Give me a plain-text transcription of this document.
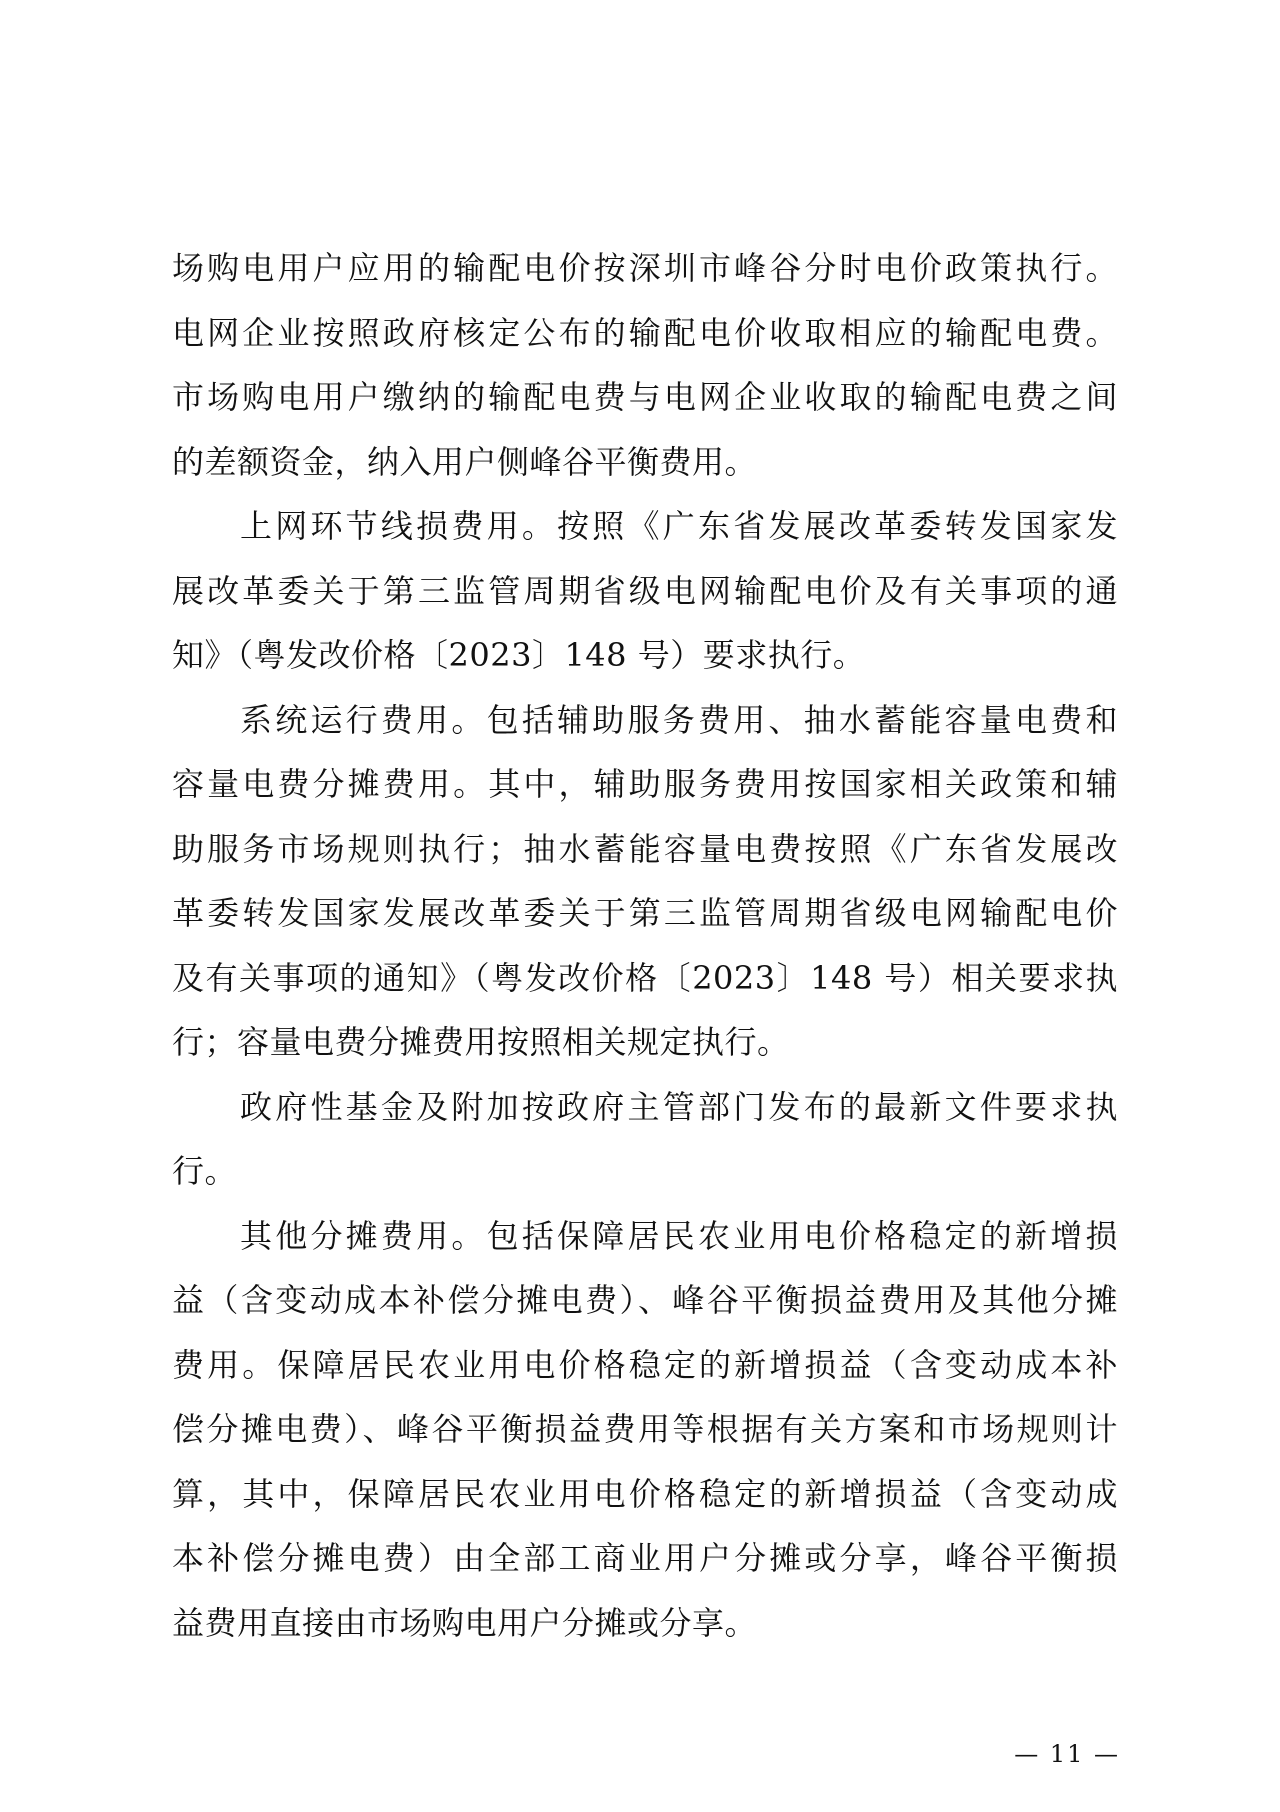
场购电用户应用的输配电价按深圳市峰谷分时电价政策执行。
电网企业按照政府核定公布的输配电价收取相应的输配电费。
市场购电用户缴纳的输配电费与电网企业收取的输配电费之间
的差额资金，纳入用户侧峰谷平衡费用。
上网环节线损费用。按照《广东省发展改革委转发国家发
展改革委关于第三监管周期省级电网输配电价及有关事项的通
知》（粤发改价格〔2023〕148 号）要求执行。
系统运行费用。包括辅助服务费用、抽水蓄能容量电费和
容量电费分摊费用。其中，辅助服务费用按国家相关政策和辅
助服务市场规则执行；抽水蓄能容量电费按照《广东省发展改
革委转发国家发展改革委关于第三监管周期省级电网输配电价
及有关事项的通知》（粤发改价格〔2023〕148 号）相关要求执
行；容量电费分摊费用按照相关规定执行。
政府性基金及附加按政府主管部门发布的最新文件要求执
行。
其他分摊费用。包括保障居民农业用电价格稳定的新增损
益（含变动成本补偿分摊电费）、峰谷平衡损益费用及其他分摊
费用。保障居民农业用电价格稳定的新增损益（含变动成本补
偿分摊电费）、峰谷平衡损益费用等根据有关方案和市场规则计
算，其中，保障居民农业用电价格稳定的新增损益（含变动成
本补偿分摊电费）由全部工商业用户分摊或分享，峰谷平衡损
益费用直接由市场购电用户分摊或分享。
— 11 —
